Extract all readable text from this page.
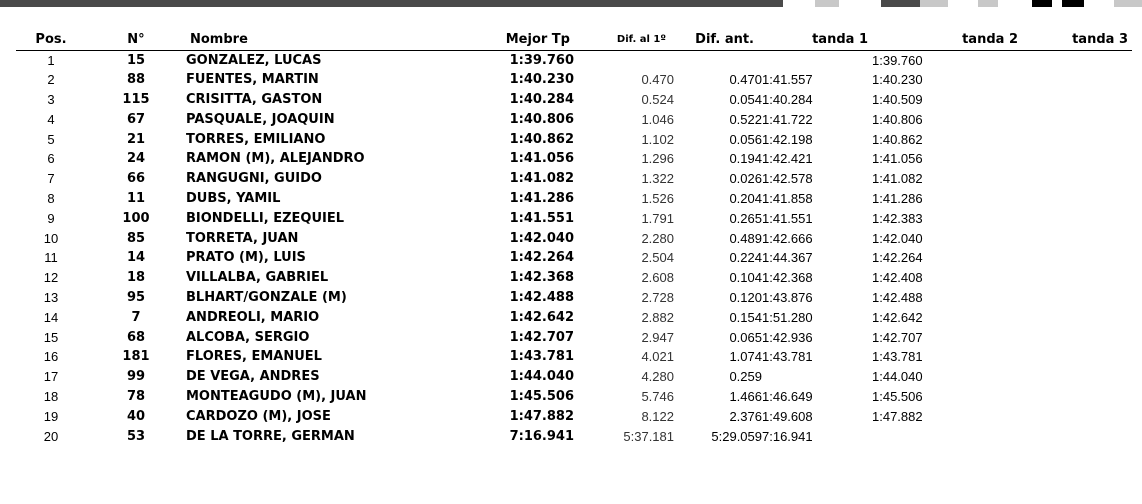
Pos.	N°	Nombre	Mejor Tp	Dif. al 1º	Dif. ant.	tanda 1	tanda 2	tanda 3
1	15	GONZALEZ, LUCAS	1:39.760				1:39.760	
2	88	FUENTES, MARTIN	1:40.230	0.470	0.470	1:41.557	1:40.230	
3	115	CRISITTA, GASTON	1:40.284	0.524	0.054	1:40.284	1:40.509	
4	67	PASQUALE, JOAQUIN	1:40.806	1.046	0.522	1:41.722	1:40.806	
5	21	TORRES, EMILIANO	1:40.862	1.102	0.056	1:42.198	1:40.862	
6	24	RAMON (M), ALEJANDRO	1:41.056	1.296	0.194	1:42.421	1:41.056	
7	66	RANGUGNI, GUIDO	1:41.082	1.322	0.026	1:42.578	1:41.082	
8	11	DUBS, YAMIL	1:41.286	1.526	0.204	1:41.858	1:41.286	
9	100	BIONDELLI, EZEQUIEL	1:41.551	1.791	0.265	1:41.551	1:42.383	
10	85	TORRETA, JUAN	1:42.040	2.280	0.489	1:42.666	1:42.040	
11	14	PRATO (M), LUIS	1:42.264	2.504	0.224	1:44.367	1:42.264	
12	18	VILLALBA, GABRIEL	1:42.368	2.608	0.104	1:42.368	1:42.408	
13	95	BLHART/GONZALE (M)	1:42.488	2.728	0.120	1:43.876	1:42.488	
14	7	ANDREOLI, MARIO	1:42.642	2.882	0.154	1:51.280	1:42.642	
15	68	ALCOBA, SERGIO	1:42.707	2.947	0.065	1:42.936	1:42.707	
16	181	FLORES, EMANUEL	1:43.781	4.021	1.074	1:43.781	1:43.781	
17	99	DE VEGA, ANDRES	1:44.040	4.280	0.259		1:44.040	
18	78	MONTEAGUDO (M), JUAN	1:45.506	5.746	1.466	1:46.649	1:45.506	
19	40	CARDOZO (M), JOSE	1:47.882	8.122	2.376	1:49.608	1:47.882	
20	53	DE LA TORRE, GERMAN	7:16.941	5:37.181	5:29.059	7:16.941		
